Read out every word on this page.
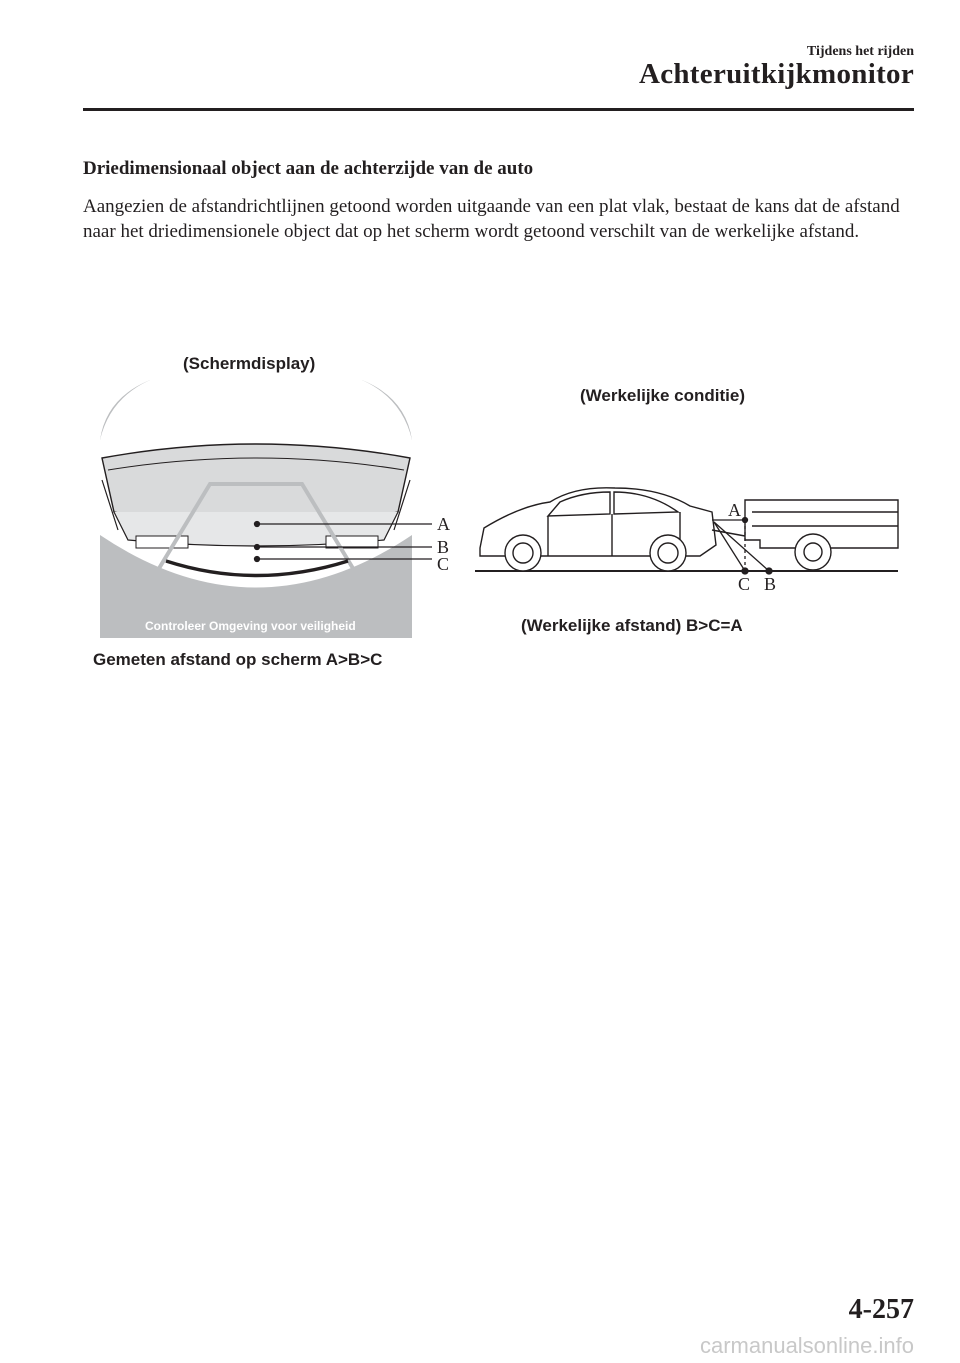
Tijdens het rijden
Achteruitkijkmonitor
Driedimensionaal object aan de achterzijde van de auto
Aangezien de afstandrichtlijnen getoond worden uitgaande van een plat vlak, bestaat de kans dat de afstand naar het driedimensionele object dat op het scherm wordt getoond verschilt van de werkelijke afstand.
(Schermdisplay)
Controleer Omgeving voor veiligheid
Gemeten afstand op scherm A>B>C
A
B
C
(Werkelijke conditie)
A
C B
(Werkelijke afstand) B>C=A
4-257
carmanualsonline.info
